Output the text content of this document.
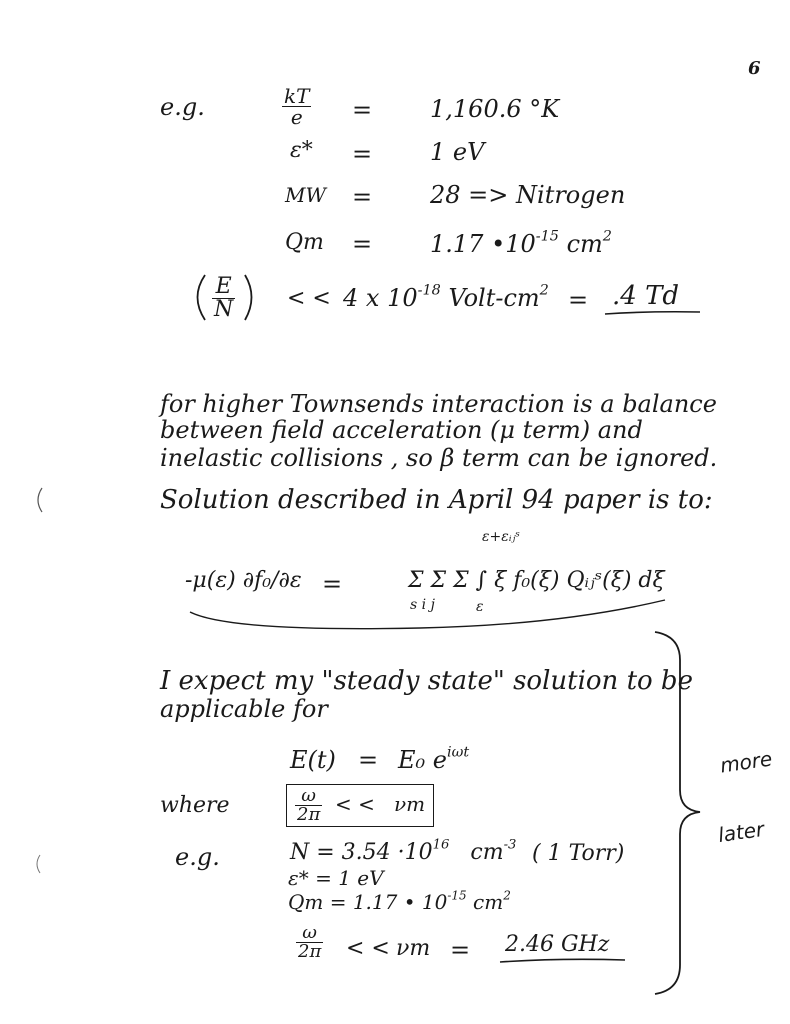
6
e.g.	$\frac{kT}{e} = 1,160.6$ °K
ε* = 1 eV
MW = 28 => Nitrogen
Qm = 1.17 $•10^{-15}$ $cm^2$
$\frac{E}{N}$ < < 4 x $10^{-18}$ Volt-$cm^2 = .4$ Td
for higher Townsends interaction is a balance
between field acceleration (μ term) and
inelastic collisions , so β term can be ignored.
Solution described in April 94 paper is to:
ε+εᵢⱼˢ
-μ(ε) ∂f₀/∂ε =	Σ Σ Σ ∫ ξ f₀(ξ) Qᵢⱼˢ(ξ) dξ
s i j	ε
I expect my "steady state" solution to be
applicable for
E(t) = E₀ $e^{i\omega t}$
where	$\frac{\omega}{2\pi}$ < < νm
e.g.	$N = 3.54 \cdot 10^{16}$ $cm^{-3}$ ( 1 Torr)
ε* = 1 eV
Qm = 1.17 • $10^{-15}$ $cm^2$
$\frac{\omega}{2\pi}$ < < νm = 2.46 GHz
more
later
